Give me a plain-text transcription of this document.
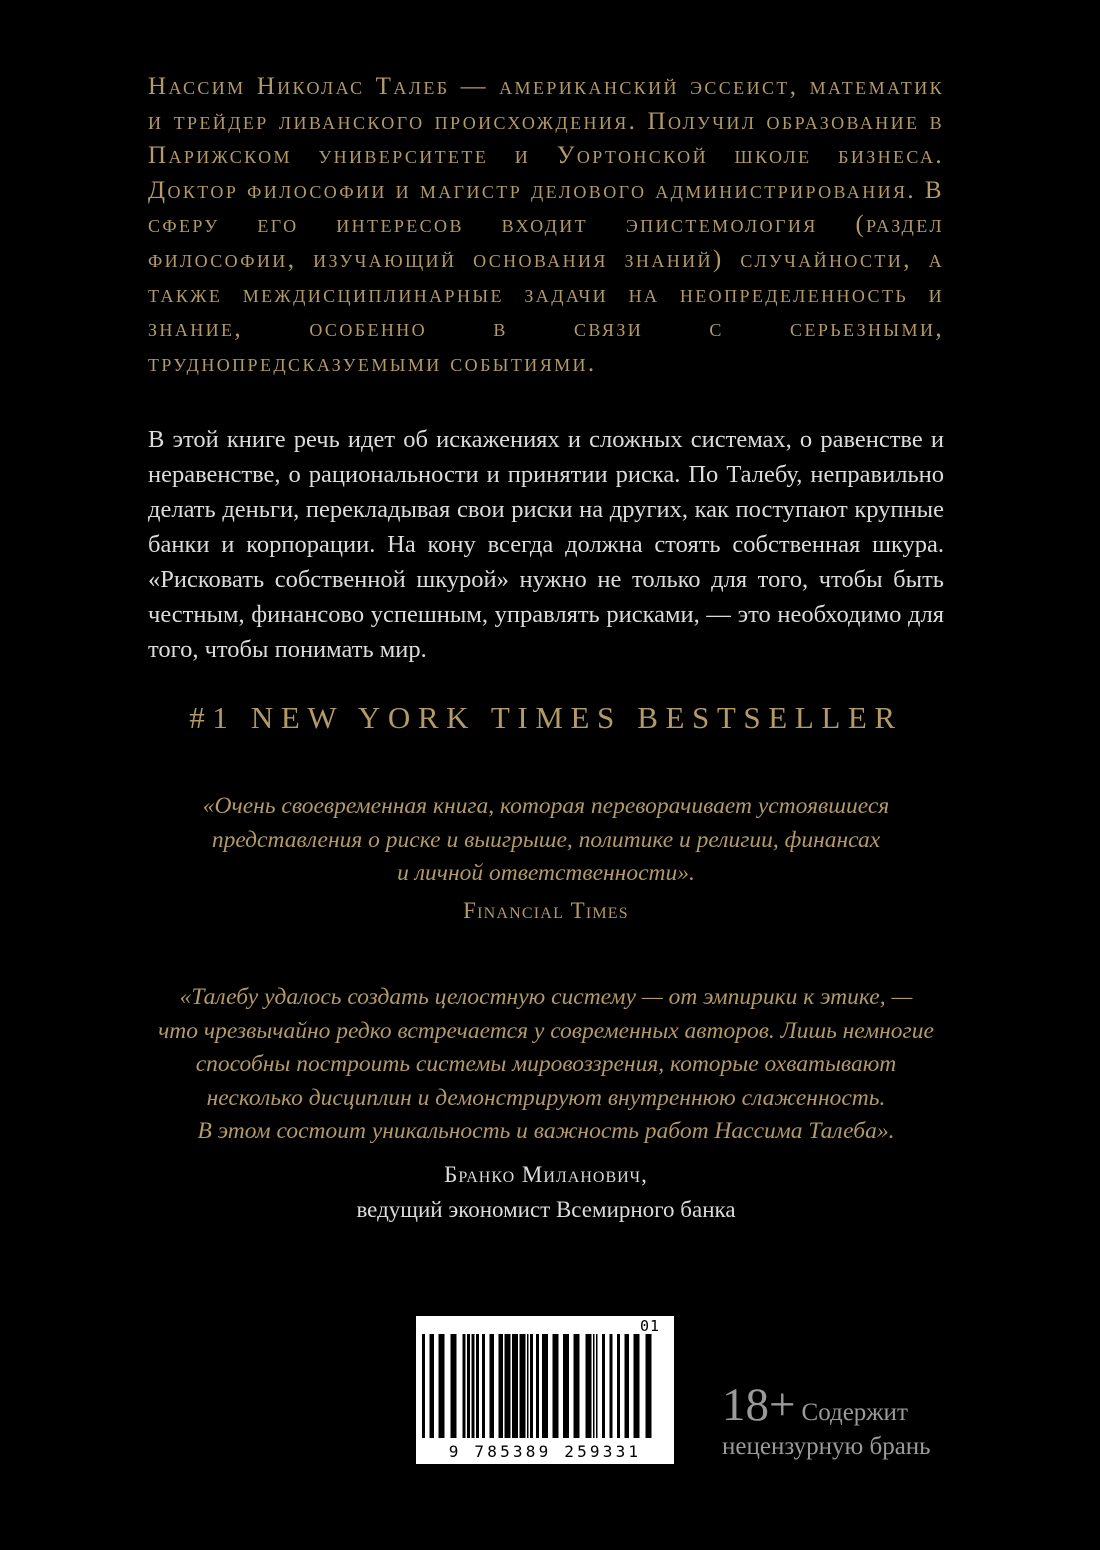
Нассим Николас Талеб — американский эссеист, математик и трейдер ливанского происхождения. Получил образование в Парижском университете и Уортонской школе бизнеса. Доктор философии и магистр делового администрирования. В сферу его интересов входит эпистемология (раздел философии, изучающий основания знаний) случайности, а также междисциплинарные задачи на неопределенность и знание, особенно в связи с серьезными, труднопредсказуемыми событиями.

В этой книге речь идет об искажениях и сложных системах, о равенстве и неравенстве, о рациональности и принятии риска. По Талебу, неправильно делать деньги, перекладывая свои риски на других, как поступают крупные банки и корпорации. На кону всегда должна стоять собственная шкура. «Рисковать собственной шкурой» нужно не только для того, чтобы быть честным, финансово успешным, управлять рисками, — это необходимо для того, чтобы понимать мир.

#1 NEW YORK TIMES BESTSELLER

«Очень своевременная книга, которая переворачивает устоявшиеся
представления о риске и выигрыше, политике и религии, финансах
и личной ответственности».

Financial Times

«Талебу удалось создать целостную систему — от эмпирики к этике, —
что чрезвычайно редко встречается у современных авторов. Лишь немногие
способны построить системы мировоззрения, которые охватывают
несколько дисциплин и демонстрируют внутреннюю слаженность.
В этом состоит уникальность и важность работ Нассима Талеба».

Бранко Миланович,
ведущий экономист Всемирного банка

01
9 785389 259331
18+ Содержит
нецензурную брань
